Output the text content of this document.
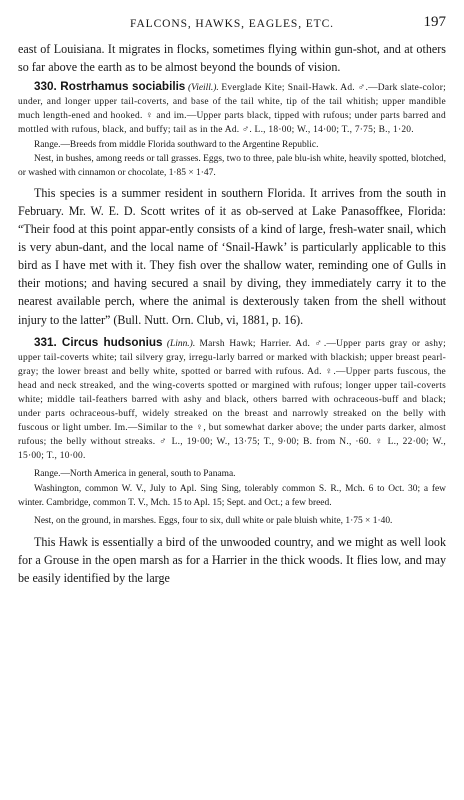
FALCONS, HAWKS, EAGLES, ETC.	197

east of Louisiana. It migrates in flocks, sometimes flying within gun-shot, and at others so far above the earth as to be almost beyond the bounds of vision.

330. Rostrhamus sociabilis (Vieill.). Everglade Kite; Snail-Hawk. Ad. ♂.—Dark slate-color; under, and longer upper tail-coverts, and base of the tail white, tip of the tail whitish; upper mandible much length-ened and hooked. ♀ and im.—Upper parts black, tipped with rufous; under parts barred and mottled with rufous, black, and buffy; tail as in the Ad. ♂. L., 18·00; W., 14·00; T., 7·75; B., 1·20.

Range.—Breeds from middle Florida southward to the Argentine Republic.

Nest, in bushes, among reeds or tall grasses. Eggs, two to three, pale blu-ish white, heavily spotted, blotched, or washed with cinnamon or chocolate, 1·85 × 1·47.

This species is a summer resident in southern Florida. It arrives from the south in February. Mr. W. E. D. Scott writes of it as ob-served at Lake Panasoffkee, Florida: “Their food at this point appar-ently consists of a kind of large, fresh-water snail, which is very abun-dant, and the local name of ‘Snail-Hawk’ is particularly applicable to this bird as I have met with it. They fish over the shallow water, reminding one of Gulls in their motions; and having secured a snail by diving, they immediately carry it to the nearest available perch, where the animal is dexterously taken from the shell without injury to the latter” (Bull. Nutt. Orn. Club, vi, 1881, p. 16).

331. Circus hudsonius (Linn.). Marsh Hawk; Harrier. Ad. ♂.—Upper parts gray or ashy; upper tail-coverts white; tail silvery gray, irregu-larly barred or marked with blackish; upper breast pearl-gray; the lower breast and belly white, spotted or barred with rufous. Ad. ♀.—Upper parts fuscous, the head and neck streaked, and the wing-coverts spotted or margined with rufous; longer upper tail-coverts white; middle tail-feathers barred with ashy and black, others barred with ochraceous-buff and black; under parts ochraceous-buff, widely streaked on the breast and narrowly streaked on the belly with fuscous or light umber. Im.—Similar to the ♀, but somewhat darker above; the under parts darker, almost rufous; the belly without streaks. ♂ L., 19·00; W., 13·75; T., 9·00; B. from N., ·60. ♀ L., 22·00; W., 15·00; T., 10·00.

Range.—North America in general, south to Panama.

Washington, common W. V., July to Apl. Sing Sing, tolerably common S. R., Mch. 6 to Oct. 30; a few winter. Cambridge, common T. V., Mch. 15 to Apl. 15; Sept. and Oct.; a few breed.

Nest, on the ground, in marshes. Eggs, four to six, dull white or pale bluish white, 1·75 × 1·40.

This Hawk is essentially a bird of the unwooded country, and we might as well look for a Grouse in the open marsh as for a Harrier in the thick woods. It flies low, and may be easily identified by the large
